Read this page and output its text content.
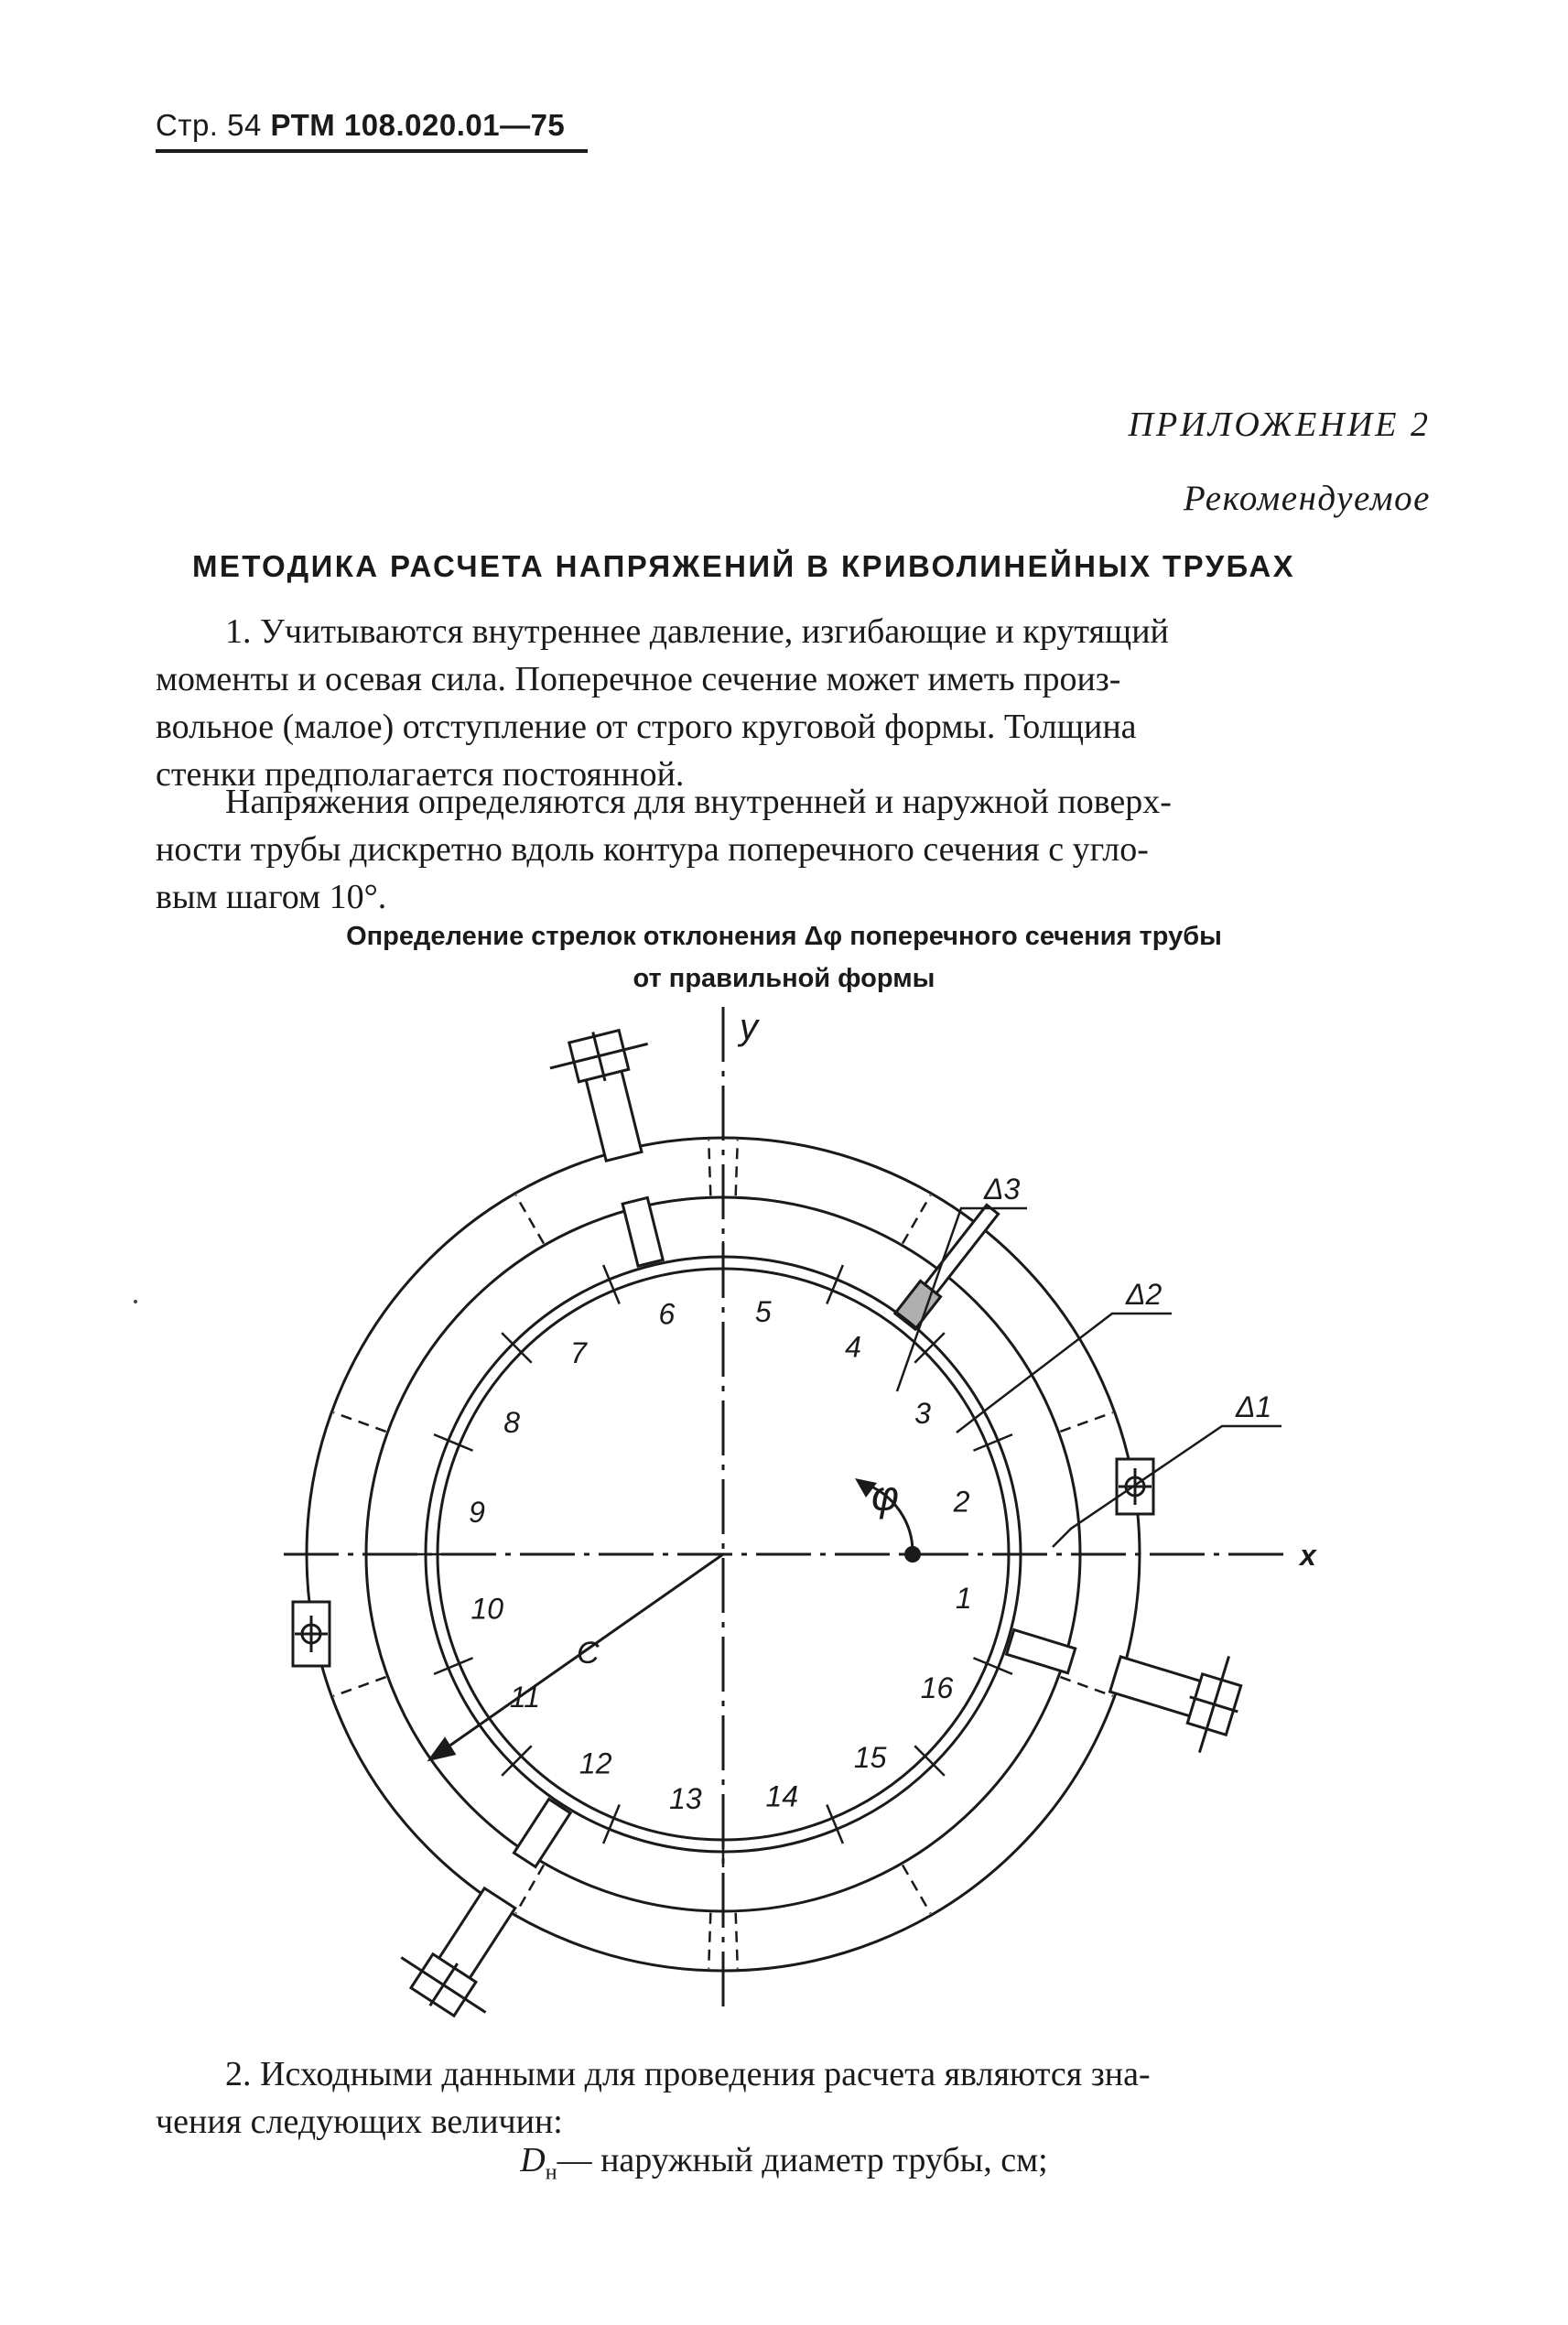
Стр. 54 РТМ 108.020.01—75
ПРИЛОЖЕНИЕ 2
Рекомендуемое
МЕТОДИКА РАСЧЕТА НАПРЯЖЕНИЙ В КРИВОЛИНЕЙНЫХ ТРУБАХ
1. Учитываются внутреннее давление, изгибающие и крутящий
моменты и осевая сила. Поперечное сечение может иметь произ-
вольное (малое) отступление от строго круговой формы. Толщина
стенки предполагается постоянной.
Напряжения определяются для внутренней и наружной поверх-
ности трубы дискретно вдоль контура поперечного сечения с угло-
вым шагом 10°.
Определение стрелок отклонения Δφ поперечного сечения трубы
от правильной формы
y
x
φ
C
Δ3
Δ2
Δ1
1
2
3
4
5
6
7
8
9
10
11
12
13 14
15
16
2. Исходными данными для проведения расчета являются зна-
чения следующих величин:
$D_н—$ наружный диаметр трубы, см;
